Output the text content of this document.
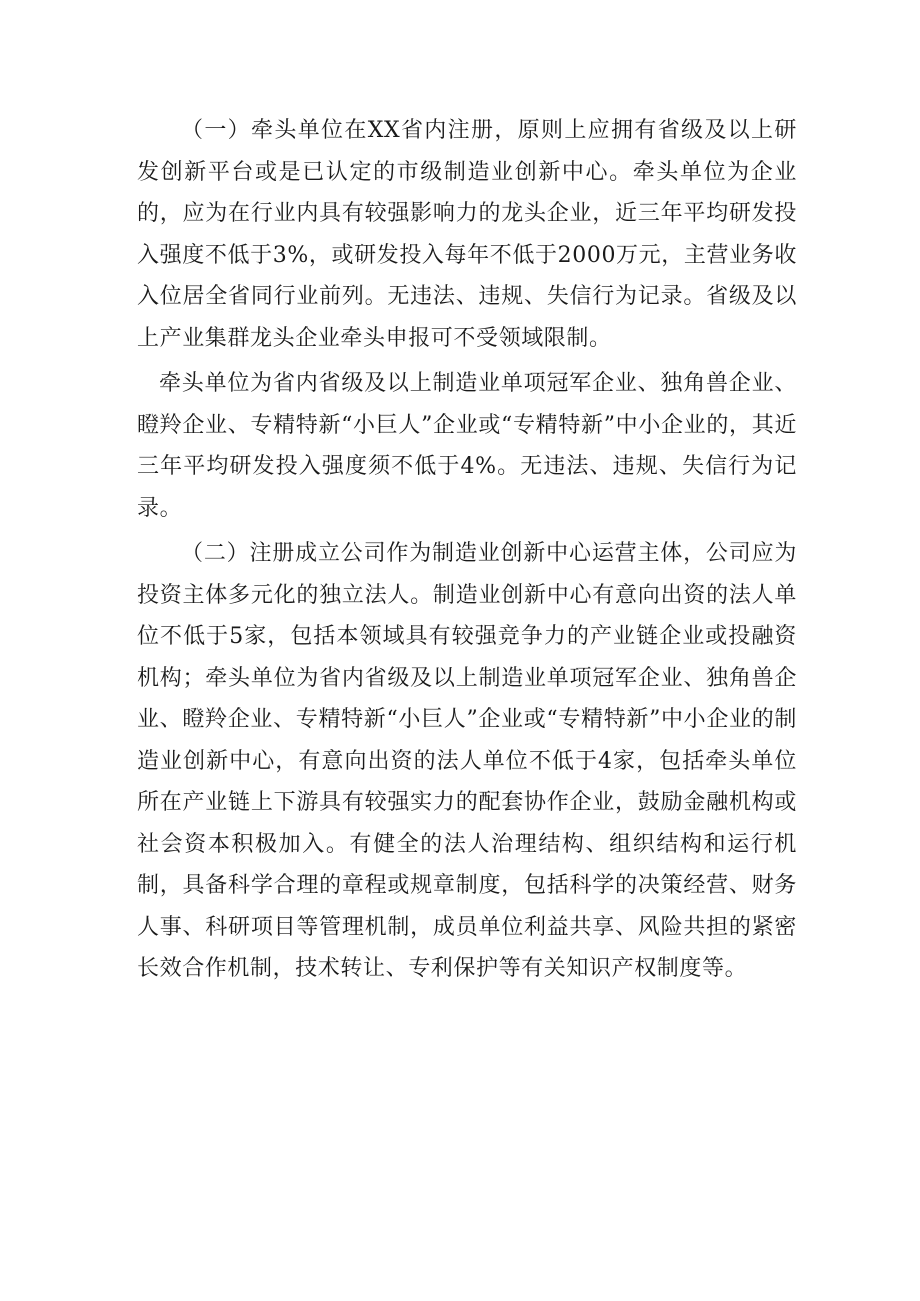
（一）牵头单位在XX省内注册，原则上应拥有省级及以上研发创新平台或是已认定的市级制造业创新中心。牵头单位为企业的，应为在行业内具有较强影响力的龙头企业，近三年平均研发投入强度不低于3%，或研发投入每年不低于2000万元，主营业务收入位居全省同行业前列。无违法、违规、失信行为记录。省级及以上产业集群龙头企业牵头申报可不受领域限制。

牵头单位为省内省级及以上制造业单项冠军企业、独角兽企业、瞪羚企业、专精特新“小巨人”企业或“专精特新”中小企业的，其近三年平均研发投入强度须不低于4%。无违法、违规、失信行为记录。

（二）注册成立公司作为制造业创新中心运营主体，公司应为投资主体多元化的独立法人。制造业创新中心有意向出资的法人单位不低于5家，包括本领域具有较强竞争力的产业链企业或投融资机构；牵头单位为省内省级及以上制造业单项冠军企业、独角兽企业、瞪羚企业、专精特新“小巨人”企业或“专精特新”中小企业的制造业创新中心，有意向出资的法人单位不低于4家，包括牵头单位所在产业链上下游具有较强实力的配套协作企业，鼓励金融机构或社会资本积极加入。有健全的法人治理结构、组织结构和运行机制，具备科学合理的章程或规章制度，包括科学的决策经营、财务人事、科研项目等管理机制，成员单位利益共享、风险共担的紧密长效合作机制，技术转让、专利保护等有关知识产权制度等。
